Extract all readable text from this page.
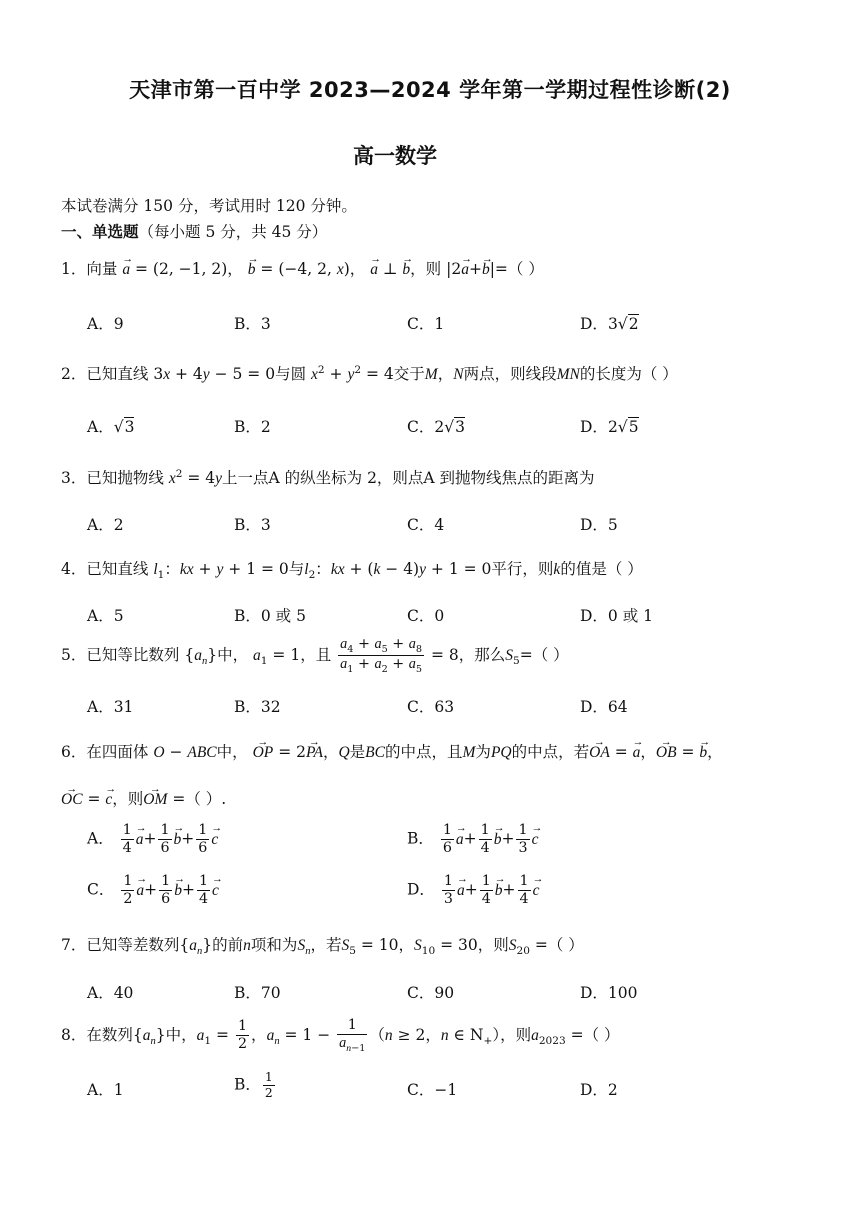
天津市第一百中学 2023—2024 学年第一学期过程性诊断(2)
高一数学
本试卷满分 150 分，考试用时 120 分钟。
一、单选题（每小题 5 分，共 45 分）
1．向量 → a = (2, −1, 2)， → b = (−4, 2, x)， → a ⊥ → b，则 |2→ a+→ b|=（ ）
A．9	B．3	C．1	D．3√2
2．已知直线 3x + 4y − 5 = 0与圆 $x^2 + y^2 = 4$交于M，N两点，则线段MN的长度为（ ）
A．√3	B．2	C．2√3	D．2√5
3．已知抛物线 $x^2 = 4y$上一点A 的纵坐标为 2，则点A 到抛物线焦点的距离为
A．2	B．3	C．4	D．5
4．已知直线 $l_1$：kx + y + 1 = 0与$l_2$：kx + (k − 4)y + 1 = 0平行，则k的值是（ ）
A．5	B．0 或 5	C．0	D．0 或 1
5．已知等比数列 $\{a_n\}$中， $a_1 = 1$，且 $\frac{a_4 + a_5 + a_8}{a_1 + a_2 + a_5} = 8$，那么$S_5=$（ ）
A．31	B．32	C．63	D．64
6．在四面体 O − ABC中， → OP = 2→ PA，Q是BC的中点，且M为PQ的中点，若→ OA = → a，→ OB = → b，
→ OC = → c，则→ OM =（ ）.
A． $\frac{1}{4} \to a+ \frac{1}{6} \to b+ \frac{1}{6} \to c$	B． $\frac{1}{6} \to a+ \frac{1}{4} \to b+ \frac{1}{3} \to c$
C． $\frac{1}{2} \to a+ \frac{1}{6} \to b+ \frac{1}{4} \to c$	D． $\frac{1}{3} \to a+ \frac{1}{4} \to b+ \frac{1}{4} \to c$
7．已知等差数列$\{a_n\}$的前n项和为$S_n$，若$S_5 = 10$，$S_{10} = 30$，则$S_{20}$ =（ ）
A．40	B．70	C．90	D．100
8．在数列$\{a_n\}$中，$a_1 = \frac{1}{2}$ ，$a_n = 1 - \frac{1}{a_{n-1}} (n \ge 2$，n ∈ $N_+$），则$a_{2023}$ =（ ）
A．1	B． $\frac{1}{2}$	C．−1	D．2
